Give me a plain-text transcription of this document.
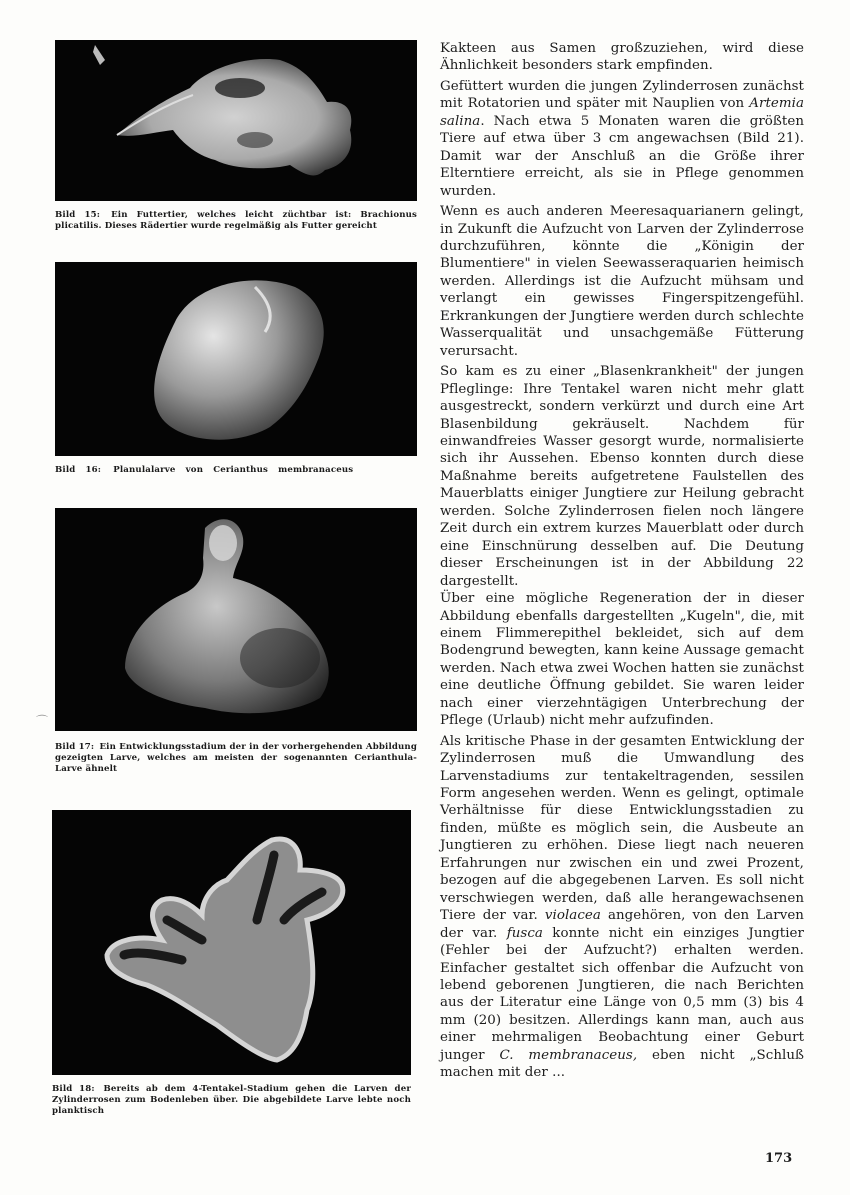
Bild 15: Ein Futtertier, welches leicht züchtbar ist: Brachionus plicatilis. Dieses Rädertier wurde regelmäßig als Futter gereicht
Bild 16: Planulalarve von Cerianthus membranaceus
Bild 17: Ein Entwicklungsstadium der in der vorhergehenden Abbildung gezeigten Larve, welches am meisten der sogenannten Cerianthula-Larve ähnelt
Bild 18: Bereits ab dem 4-Tentakel-Stadium gehen die Larven der Zylinderrosen zum Bodenleben über. Die abgebildete Larve lebte noch planktisch
⌒

Kakteen aus Samen großzuziehen, wird diese Ähnlichkeit besonders stark empfinden.

Gefüttert wurden die jungen Zylinderrosen zunächst mit Rotatorien und später mit Nauplien von Artemia salina. Nach etwa 5 Monaten waren die größten Tiere auf etwa über 3 cm angewachsen (Bild 21). Damit war der Anschluß an die Größe ihrer Elterntiere erreicht, als sie in Pflege genommen wurden.

Wenn es auch anderen Meeresaquarianern gelingt, in Zukunft die Aufzucht von Larven der Zylinderrose durchzuführen, könnte die „Königin der Blumentiere" in vielen Seewasseraquarien heimisch werden. Allerdings ist die Aufzucht mühsam und verlangt ein gewisses Fingerspitzengefühl. Erkrankungen der Jungtiere werden durch schlechte Wasserqualität und unsachgemäße Fütterung verursacht.

So kam es zu einer „Blasenkrankheit" der jungen Pfleglinge: Ihre Tentakel waren nicht mehr glatt ausgestreckt, sondern verkürzt und durch eine Art Blasenbildung gekräuselt. Nachdem für einwandfreies Wasser gesorgt wurde, normalisierte sich ihr Aussehen. Ebenso konnten durch diese Maßnahme bereits aufgetretene Faulstellen des Mauerblatts einiger Jungtiere zur Heilung gebracht werden. Solche Zylinderrosen fielen noch längere Zeit durch ein extrem kurzes Mauerblatt oder durch eine Einschnürung desselben auf. Die Deutung dieser Erscheinungen ist in der Abbildung 22 dargestellt.

Über eine mögliche Regeneration der in dieser Abbildung ebenfalls dargestellten „Kugeln", die, mit einem Flimmerepithel bekleidet, sich auf dem Bodengrund bewegten, kann keine Aussage gemacht werden. Nach etwa zwei Wochen hatten sie zunächst eine deutliche Öffnung gebildet. Sie waren leider nach einer vierzehntägigen Unterbrechung der Pflege (Urlaub) nicht mehr aufzufinden.

Als kritische Phase in der gesamten Entwicklung der Zylinderrosen muß die Umwandlung des Larvenstadiums zur tentakeltragenden, sessilen Form angesehen werden. Wenn es gelingt, optimale Verhältnisse für diese Entwicklungsstadien zu finden, müßte es möglich sein, die Ausbeute an Jungtieren zu erhöhen. Diese liegt nach neueren Erfahrungen nur zwischen ein und zwei Prozent, bezogen auf die abgegebenen Larven. Es soll nicht verschwiegen werden, daß alle herangewachsenen Tiere der var. violacea angehören, von den Larven der var. fusca konnte nicht ein einziges Jungtier (Fehler bei der Aufzucht?) erhalten werden. Einfacher gestaltet sich offenbar die Aufzucht von lebend geborenen Jungtieren, die nach Berichten aus der Literatur eine Länge von 0,5 mm (3) bis 4 mm (20) besitzen. Allerdings kann man, auch aus einer mehrmaligen Beobachtung einer Geburt junger C. membranaceus, eben nicht „Schluß machen mit der ...

173
